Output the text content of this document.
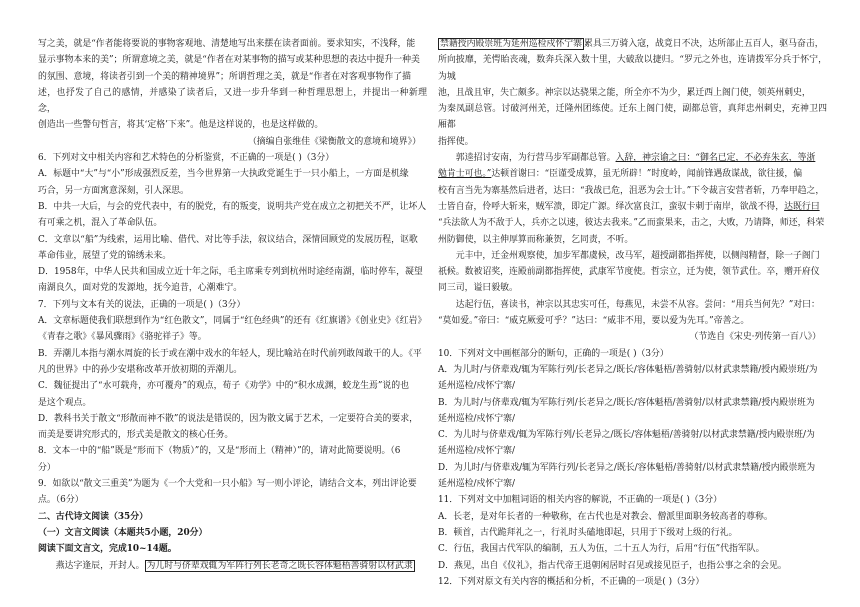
写之美，就是“作者能将要说的事物客观地、清楚地写出来摆在读者面前。要求知实，不浅释，能

显示事物本来的美”；所谓意境之美，就是“作者在对某事物的描写或某种思想的表达中提升一种美

的氛围、意境，将读者引到一个美的精神境界”；所谓哲理之美，就是“作者在对客观事物作了描

述，也抒发了自己的感情，并感染了读者后，又进一步升华到一种哲理思想上，并提出一种新理念，

创造出一些警句哲言，将其‘定格’下来”。他是这样说的，也是这样做的。

（摘编自张维佳《梁衡散文的意境和境界》）

6．下列对文中相关内容和艺术特色的分析鉴赏，不正确的一项是( )（3分）

A．标题中“大”与“小”形成强烈反差，当今世界第一大执政党诞生于一只小船上，一方面是机缘

巧合，另一方面寓意深刻，引人深思。

B．中共一大后，与会的党代表中，有的脱党，有的叛变，说明共产党在成立之初把关不严，让坏人

有可乘之机，混入了革命队伍。

C．文章以“船”为线索，运用比喻、借代、对比等手法，叙议结合，深情回顾党的发展历程，讴歌

革命伟业，展望了党的锦绣未来。

D．1958年，中华人民共和国成立近十年之际，毛主席乘专列到杭州时途经南湖，临时停车，凝望

南湖良久，面对党的发源地，抚今追昔，心潮难宁。

7．下列与文本有关的说法，正确的一项是( )（3分）

A．文章标题使我们联想到作为“红色散文”，同属于“红色经典”的还有《红旗谱》《创业史》《红岩》

《青春之歌》《暴风骤雨》《骆驼祥子》等。

B．弄潮儿本指与潮水周旋的长于或在潮中戏水的年轻人，现比喻站在时代前列敢闯敢干的人。《平

凡的世界》中的孙少安堪称改革开放初期的弄潮儿。

C．魏征提出了“水可载舟，亦可覆舟”的观点，荀子《劝学》中的“积水成渊，蛟龙生焉”说的也

是这个观点。

D．教科书关于散文“形散而神不散”的说法是错误的，因为散文属于艺术，一定要符合美的要求，

而美是要讲究形式的，形式美是散文的核心任务。

8．文本一中的“船”既是“形而下（物质）”的，又是“形而上（精神）”的，请对此简要说明。（6

分）

9．如欲以“散文三重美”为题为《一个大党和一只小船》写一则小评论，请结合文本，列出评论要

点。（6分）

二、古代诗文阅读（35分）

（一）文言文阅读（本题共5小题，20分）

阅读下面文言文，完成10~14题。

燕达字逢辰，开封人。 为儿时与侪辈戏辄为军阵行列长老奇之既长容体魁梧善骑射以材武隶

禁籍授内殿崇班为延州巡检戍怀宁寨 累具三万骑入寇，战竟日不决，达所部止五百人，驱马奋击，

所向披靡，羌愕眙丧魂，数奔兵深入数十里，大破敌以捷归。“罗元之外也，连请拨军分兵于怀宁，为城

池，且战且审，失亡颇多。神宗以达骁果之能，所全亦不为少，累迁西上阁门使，领英州刺史，

为秦凤副总管。讨破河州羌，迁隆州团练使。迁东上阁门使，副都总管，真拜忠州刺史，充神卫四厢都

指挥使。

郭逵招讨安南，为行营马步军副都总管。入辞，神宗谕之曰：“御名已定，不必弃朱玄，等浙

勉肯士可也。”达顿首谢曰：“臣谨受成算，虽无所辟！”时度岭，闻前锋遇敌谋战，欲往援，偏

校有言当先为寨基然后进者，达曰：“我战已危，沮恶为会士计。”下令裁言安营者斩，乃奉甲趋之，

士皆自奋，伶呼大斩来，贼军溃，即定广源。绎次富良江，蛮驭卡刺于南岸，欲战不得，达既行曰

“兵法欲人为不敌于人，兵亦之以速，彼达去我来。”乙而蛮果来，击之，大败，乃请降，师还，科荣

州防御使，以主伸厚算而称兼贺，乞同责，不听。

元丰中，迁金州观察使，加步军都虞候，改马军，超授副都指挥使，以侧闯精督，除一子阁门

祇候。数被诏奖，连殿前副都指挥使，武康军节度使。哲宗立，迁为使，领节武仕。卒，赠开府仪

同三司，谥曰毅敏。

达起行伍，喜读书，神宗以其忠实可任，每燕见，未尝不从容。尝问：“用兵当何先？”对曰：

“莫如爱。”帝曰：“威克厥爱可乎？”达曰：“威非不用，要以爱为先耳。”帝善之。

（节选自《宋史·列传第一百八》）

10．下列对文中画框部分的断句，正确的一项是( )（3分）

A．为儿时/与侪辈戏/辄为军陈行列/长老异之/既长/容体魁梧/善骑射/以材武隶禁籍/授内殿崇班/为

延州巡检/戍怀宁寨/

B．为儿时/与侪辈戏/辄为军陈行列/长老异之/既长/容体魁梧/善骑射/以材武隶禁籍/授内殿崇班为

延州巡检/戍怀宁寨/

C．为儿时与侪辈戏/辄为军陈行列/长老异之/既长/容体魁梧/善骑射/以材武隶禁籍/授内殿崇班/为

延州巡检/戍怀宁寨/

D．为儿时/与侪辈戏/辄为军阵行列/长老异之/既长/容体魁梧/善骑射/以材武隶禁籍/授内殿崇班为

延州巡检/戍怀宁寨/

11．下列对文中加粗词语的相关内容的解说，不正确的一项是( )（3分）

A．长老，是对年长者的一种敬称，在古代也是对教会、僧派里面职务较高者的尊称。

B．顿首，古代跪拜礼之一，行礼时头磕地即起，只用于下级对上级的行礼。

C．行伍，我国古代军队的编制，五人为伍，二十五人为行，后用“行伍”代指军队。

D．燕见，出自《仪礼》，指古代帝王退朝闲居时召见或接见臣子，也指公事之余的会见。

12．下列对原文有关内容的概括和分析，不正确的一项是( )（3分）
